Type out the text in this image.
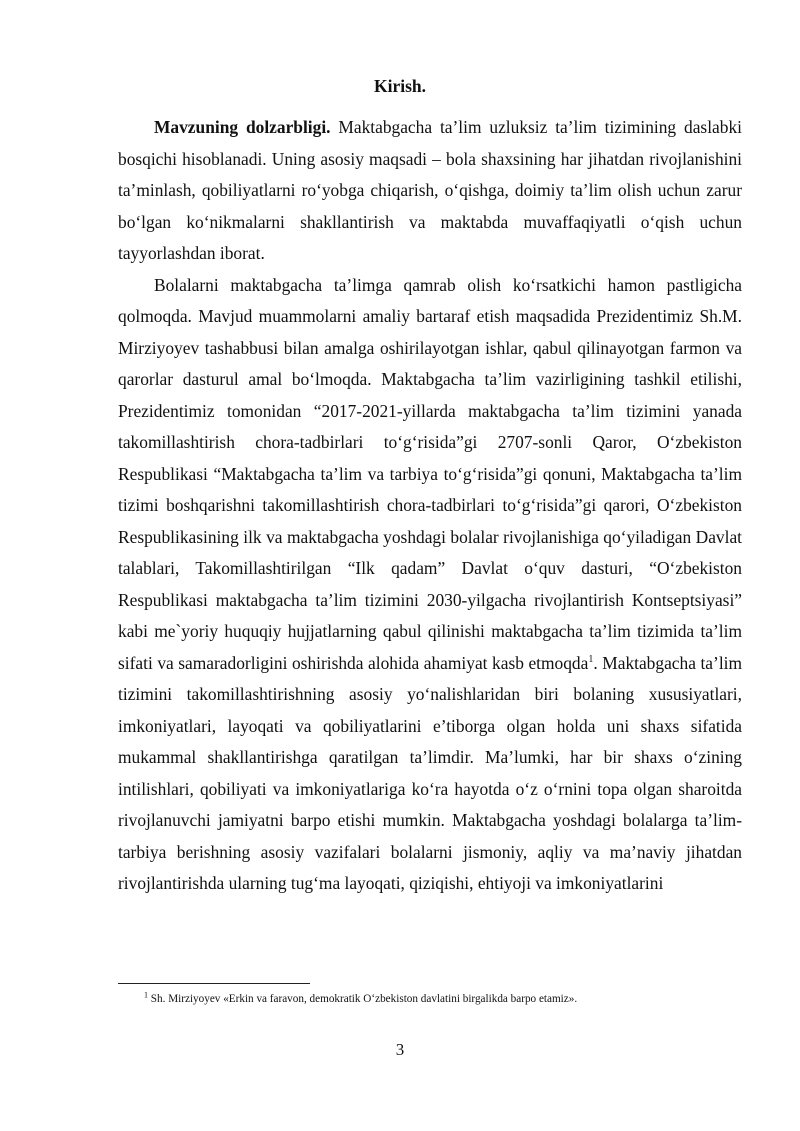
Kirish.

Mavzuning dolzarbligi. Maktabgacha ta’lim uzluksiz ta’lim tizimining daslabki bosqichi hisoblanadi. Uning asosiy maqsadi – bola shaxsining har jihatdan rivojlanishini ta’minlash, qobiliyatlarni ro‘yobga chiqarish, o‘qishga, doimiy ta’lim olish uchun zarur bo‘lgan ko‘nikmalarni shakllantirish va maktabda muvaffaqiyatli o‘qish uchun tayyorlashdan iborat.

Bolalarni maktabgacha ta’limga qamrab olish ko‘rsatkichi hamon pastligicha qolmoqda. Mavjud muammolarni amaliy bartaraf etish maqsadida Prezidentimiz Sh.M. Mirziyoyev tashabbusi bilan amalga oshirilayotgan ishlar, qabul qilinayotgan farmon va qarorlar dasturul amal bo‘lmoqda. Maktabgacha ta’lim vazirligining tashkil etilishi, Prezidentimiz tomonidan “2017-2021-yillarda maktabgacha ta’lim tizimini yanada takomillashtirish chora-tadbirlari to‘g‘risida”gi 2707-sonli Qaror, O‘zbekiston Respublikasi “Maktabgacha ta’lim va tarbiya to‘g‘risida”gi qonuni, Maktabgacha ta’lim tizimi boshqarishni takomillashtirish chora-tadbirlari to‘g‘risida”gi qarori, O‘zbekiston Respublikasining ilk va maktabgacha yoshdagi bolalar rivojlanishiga qo‘yiladigan Davlat talablari, Takomillashtirilgan “Ilk qadam” Davlat o‘quv dasturi, “O‘zbekiston Respublikasi maktabgacha ta’lim tizimini 2030-yilgacha rivojlantirish Kontseptsiyasi” kabi me`yoriy huquqiy hujjatlarning qabul qilinishi maktabgacha ta’lim tizimida ta’lim sifati va samaradorligini oshirishda alohida ahamiyat kasb etmoqda$^1$. Maktabgacha ta’lim tizimini takomillashtirishning asosiy yo‘nalishlaridan biri bolaning xususiyatlari, imkoniyatlari, layoqati va qobiliyatlarini e’tiborga olgan holda uni shaxs sifatida mukammal shakllantirishga qaratilgan ta’limdir. Ma’lumki, har bir shaxs o‘zining intilishlari, qobiliyati va imkoniyatlariga ko‘ra hayotda o‘z o‘rnini topa olgan sharoitda rivojlanuvchi jamiyatni barpo etishi mumkin. Maktabgacha yoshdagi bolalarga ta’lim-tarbiya berishning asosiy vazifalari bolalarni jismoniy, aqliy va ma’naviy jihatdan rivojlantirishda ularning tug‘ma layoqati, qiziqishi, ehtiyoji va imkoniyatlarini

$^1$ Sh. Mirziyoyev «Erkin va faravon, demokratik O‘zbekiston davlatini birgalikda barpo etamiz».
3
